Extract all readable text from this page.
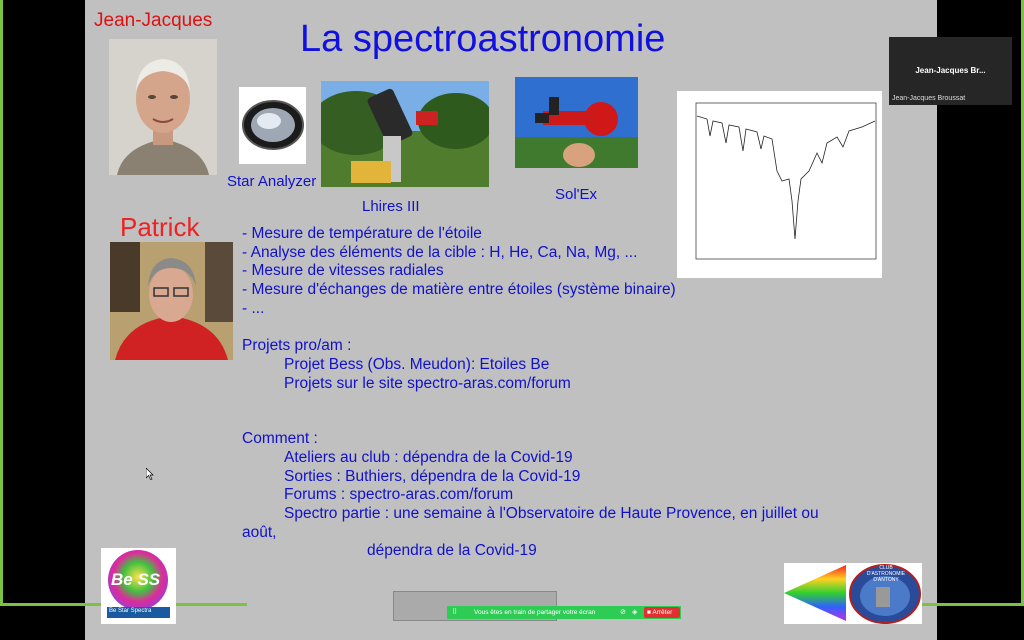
La spectroastronomie
Jean-Jacques
Star Analyzer
Lhires III
Sol'Ex
Patrick	- Mesure de température de l'étoile
- Analyse des éléments de la cible : H, He, Ca, Na, Mg, ...
- Mesure de vitesses radiales
- Mesure d'échanges de matière entre étoiles (système binaire)
- ...
Projets pro/am :
Projet Bess (Obs. Meudon): Etoiles Be
Projets sur le site spectro-aras.com/forum
Comment :
Ateliers au club : dépendra de la Covid-19
Sorties : Buthiers, dépendra de la Covid-19
Forums : spectro-aras.com/forum
Spectro partie : une semaine à l'Observatoire de Haute Provence, en juillet ou
août,
dépendra de la Covid-19
Be SS
Be Star Spectra
CLUB D'ASTRONOMIE D'ANTONY
Jean-Jacques Br...
Jean-Jacques Broussat
⠿	Vous êtes en train de partager votre écran	⊘ ◈	■ Arrêter
